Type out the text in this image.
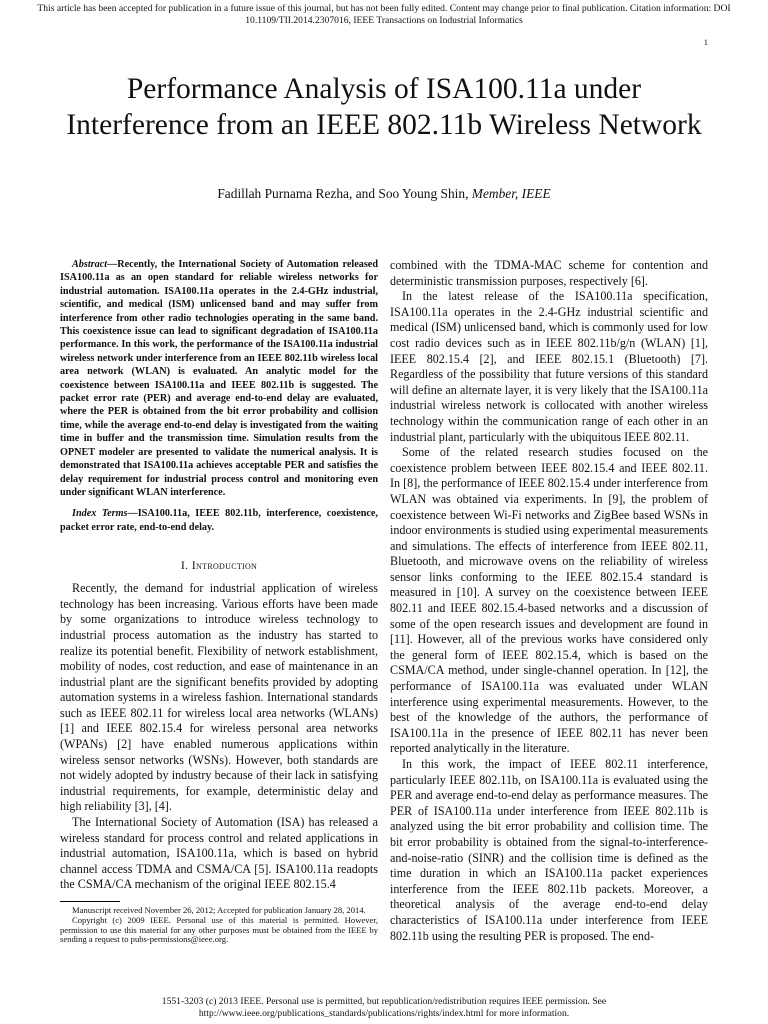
This article has been accepted for publication in a future issue of this journal, but has not been fully edited. Content may change prior to final publication. Citation information: DOI
10.1109/TII.2014.2307016, IEEE Transactions on Industrial Informatics
1
Performance Analysis of ISA100.11a under Interference from an IEEE 802.11b Wireless Network
Fadillah Purnama Rezha, and Soo Young Shin, Member, IEEE

Abstract—Recently, the International Society of Automation released ISA100.11a as an open standard for reliable wireless networks for industrial automation. ISA100.11a operates in the 2.4-GHz industrial, scientific, and medical (ISM) unlicensed band and may suffer from interference from other radio technologies operating in the same band. This coexistence issue can lead to significant degradation of ISA100.11a performance. In this work, the performance of the ISA100.11a industrial wireless network under interference from an IEEE 802.11b wireless local area network (WLAN) is evaluated. An analytic model for the coexistence between ISA100.11a and IEEE 802.11b is suggested. The packet error rate (PER) and average end-to-end delay are evaluated, where the PER is obtained from the bit error probability and collision time, while the average end-to-end delay is investigated from the waiting time in buffer and the transmission time. Simulation results from the OPNET modeler are presented to validate the numerical analysis. It is demonstrated that ISA100.11a achieves acceptable PER and satisfies the delay requirement for industrial process control and monitoring even under significant WLAN interference.

Index Terms—ISA100.11a, IEEE 802.11b, interference, coexistence, packet error rate, end-to-end delay.

I. Introduction

Recently, the demand for industrial application of wireless technology has been increasing. Various efforts have been made by some organizations to introduce wireless technology to industrial process automation as the industry has started to realize its potential benefit. Flexibility of network establishment, mobility of nodes, cost reduction, and ease of maintenance in an industrial plant are the significant benefits provided by adopting automation systems in a wireless fashion. International standards such as IEEE 802.11 for wireless local area networks (WLANs) [1] and IEEE 802.15.4 for wireless personal area networks (WPANs) [2] have enabled numerous applications within wireless sensor networks (WSNs). However, both standards are not widely adopted by industry because of their lack in satisfying industrial requirements, for example, deterministic delay and high reliability [3], [4].

The International Society of Automation (ISA) has released a wireless standard for process control and related applications in industrial automation, ISA100.11a, which is based on hybrid channel access TDMA and CSMA/CA [5]. ISA100.11a readopts the CSMA/CA mechanism of the original IEEE 802.15.4

Manuscript received November 26, 2012; Accepted for publication January 28, 2014.

Copyright (c) 2009 IEEE. Personal use of this material is permitted. However, permission to use this material for any other purposes must be obtained from the IEEE by sending a request to pubs-permissions@ieee.org.

combined with the TDMA-MAC scheme for contention and deterministic transmission purposes, respectively [6].

In the latest release of the ISA100.11a specification, ISA100.11a operates in the 2.4-GHz industrial scientific and medical (ISM) unlicensed band, which is commonly used for low cost radio devices such as in IEEE 802.11b/g/n (WLAN) [1], IEEE 802.15.4 [2], and IEEE 802.15.1 (Bluetooth) [7]. Regardless of the possibility that future versions of this standard will define an alternate layer, it is very likely that the ISA100.11a industrial wireless network is collocated with another wireless technology within the communication range of each other in an industrial plant, particularly with the ubiquitous IEEE 802.11.

Some of the related research studies focused on the coexistence problem between IEEE 802.15.4 and IEEE 802.11. In [8], the performance of IEEE 802.15.4 under interference from WLAN was obtained via experiments. In [9], the problem of coexistence between Wi-Fi networks and ZigBee based WSNs in indoor environments is studied using experimental measurements and simulations. The effects of interference from IEEE 802.11, Bluetooth, and microwave ovens on the reliability of wireless sensor links conforming to the IEEE 802.15.4 standard is measured in [10]. A survey on the coexistence between IEEE 802.11 and IEEE 802.15.4-based networks and a discussion of some of the open research issues and development are found in [11]. However, all of the previous works have considered only the general form of IEEE 802.15.4, which is based on the CSMA/CA method, under single-channel operation. In [12], the performance of ISA100.11a was evaluated under WLAN interference using experimental measurements. However, to the best of the knowledge of the authors, the performance of ISA100.11a in the presence of IEEE 802.11 has never been reported analytically in the literature.

In this work, the impact of IEEE 802.11 interference, particularly IEEE 802.11b, on ISA100.11a is evaluated using the PER and average end-to-end delay as performance measures. The PER of ISA100.11a under interference from IEEE 802.11b is analyzed using the bit error probability and collision time. The bit error probability is obtained from the signal-to-interference-and-noise-ratio (SINR) and the collision time is defined as the time duration in which an ISA100.11a packet experiences interference from the IEEE 802.11b packets. Moreover, a theoretical analysis of the average end-to-end delay characteristics of ISA100.11a under interference from IEEE 802.11b using the resulting PER is proposed. The end-

1551-3203 (c) 2013 IEEE. Personal use is permitted, but republication/redistribution requires IEEE permission. See
http://www.ieee.org/publications_standards/publications/rights/index.html for more information.
